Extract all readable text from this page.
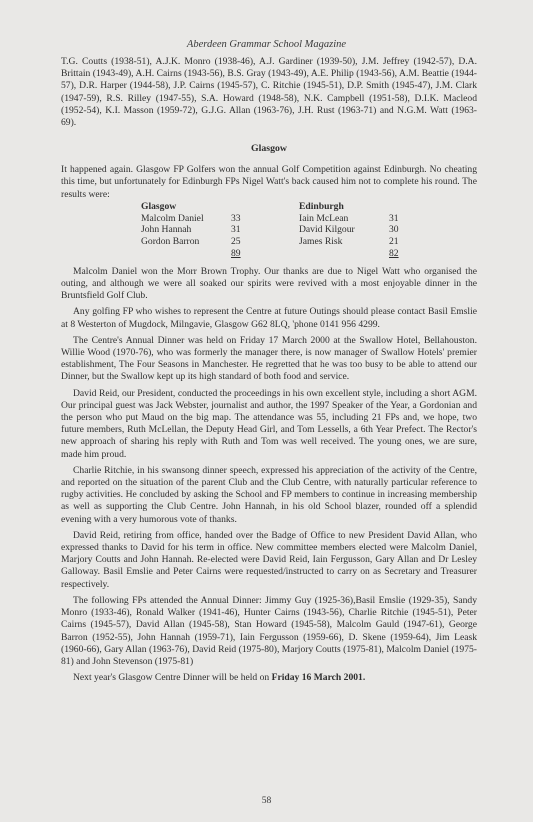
Aberdeen Grammar School Magazine

T.G. Coutts (1938-51), A.J.K. Monro (1938-46), A.J. Gardiner (1939-50), J.M. Jeffrey (1942-57), D.A. Brittain (1943-49), A.H. Cairns (1943-56), B.S. Gray (1943-49), A.E. Philip (1943-56), A.M. Beattie (1944-57), D.R. Harper (1944-58), J.P. Cairns (1945-57), C. Ritchie (1945-51), D.P. Smith (1945-47), J.M. Clark (1947-59), R.S. Rilley (1947-55), S.A. Howard (1948-58), N.K. Campbell (1951-58), D.I.K. Macleod (1952-54), K.I. Masson (1959-72), G.J.G. Allan (1963-76), J.H. Rust (1963-71) and N.G.M. Watt (1963-69).

Glasgow

It happened again. Glasgow FP Golfers won the annual Golf Competition against Edinburgh. No cheating this time, but unfortunately for Edinburgh FPs Nigel Watt's back caused him not to complete his round. The results were:

Glasgow		Edinburgh	
Malcolm Daniel	33	Iain McLean	31
John Hannah	31	David Kilgour	30
Gordon Barron	25	James Risk	21
	89		82

Malcolm Daniel won the Morr Brown Trophy. Our thanks are due to Nigel Watt who organised the outing, and although we were all soaked our spirits were revived with a most enjoyable dinner in the Bruntsfield Golf Club.

Any golfing FP who wishes to represent the Centre at future Outings should please contact Basil Emslie at 8 Westerton of Mugdock, Milngavie, Glasgow G62 8LQ, 'phone 0141 956 4299.

The Centre's Annual Dinner was held on Friday 17 March 2000 at the Swallow Hotel, Bellahouston. Willie Wood (1970-76), who was formerly the manager there, is now manager of Swallow Hotels' premier establishment, The Four Seasons in Manchester. He regretted that he was too busy to be able to attend our Dinner, but the Swallow kept up its high standard of both food and service.

David Reid, our President, conducted the proceedings in his own excellent style, including a short AGM. Our principal guest was Jack Webster, journalist and author, the 1997 Speaker of the Year, a Gordonian and the person who put Maud on the big map. The attendance was 55, including 21 FPs and, we hope, two future members, Ruth McLellan, the Deputy Head Girl, and Tom Lessells, a 6th Year Prefect. The Rector's new approach of sharing his reply with Ruth and Tom was well received. The young ones, we are sure, made him proud.

Charlie Ritchie, in his swansong dinner speech, expressed his appreciation of the activity of the Centre, and reported on the situation of the parent Club and the Club Centre, with naturally particular reference to rugby activities. He concluded by asking the School and FP members to continue in increasing membership as well as supporting the Club Centre. John Hannah, in his old School blazer, rounded off a splendid evening with a very humorous vote of thanks.

David Reid, retiring from office, handed over the Badge of Office to new President David Allan, who expressed thanks to David for his term in office. New committee members elected were Malcolm Daniel, Marjory Coutts and John Hannah. Re-elected were David Reid, Iain Fergusson, Gary Allan and Dr Lesley Galloway. Basil Emslie and Peter Cairns were requested/instructed to carry on as Secretary and Treasurer respectively.

The following FPs attended the Annual Dinner: Jimmy Guy (1925-36),Basil Emslie (1929-35), Sandy Monro (1933-46), Ronald Walker (1941-46), Hunter Cairns (1943-56), Charlie Ritchie (1945-51), Peter Cairns (1945-57), David Allan (1945-58), Stan Howard (1945-58), Malcolm Gauld (1947-61), George Barron (1952-55), John Hannah (1959-71), Iain Fergusson (1959-66), D. Skene (1959-64), Jim Leask (1960-66), Gary Allan (1963-76), David Reid (1975-80), Marjory Coutts (1975-81), Malcolm Daniel (1975-81) and John Stevenson (1975-81)

Next year's Glasgow Centre Dinner will be held on Friday 16 March 2001.

58
